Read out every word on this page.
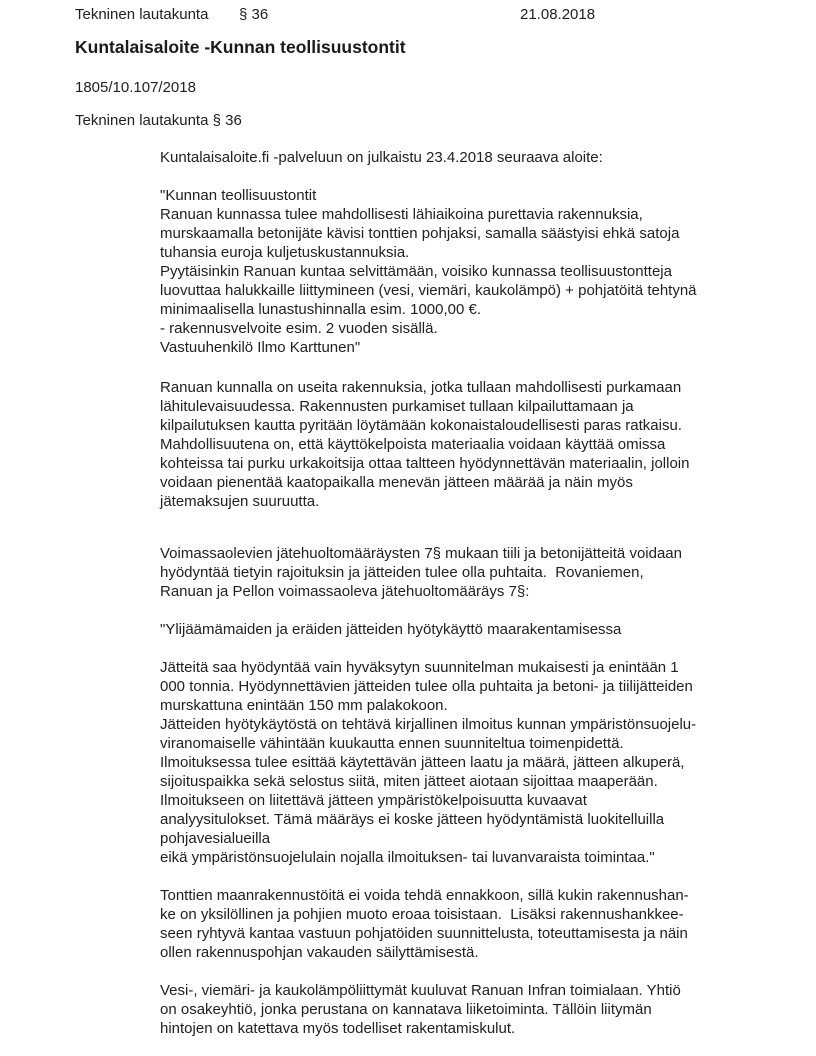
Tekninen lautakunta § 36	21.08.2018
Kuntalaisaloite -Kunnan teollisuustontit
1805/10.107/2018
Tekninen lautakunta § 36
Kuntalaisaloite.fi -palveluun on julkaistu 23.4.2018 seuraava aloite:
"Kunnan teollisuustontit
Ranuan kunnassa tulee mahdollisesti lähiaikoina purettavia rakennuksia,
murskaamalla betonijäte kävisi tonttien pohjaksi, samalla säästyisi ehkä satoja
tuhansia euroja kuljetuskustannuksia.
Pyytäisinkin Ranuan kuntaa selvittämään, voisiko kunnassa teollisuustontteja
luovuttaa halukkaille liittymineen (vesi, viemäri, kaukolämpö) + pohjatöitä tehtynä
minimaalisella lunastushinnalla esim. 1000,00 €.
- rakennusvelvoite esim. 2 vuoden sisällä.
Vastuuhenkilö Ilmo Karttunen"
Ranuan kunnalla on useita rakennuksia, jotka tullaan mahdollisesti purkamaan
lähitulevaisuudessa. Rakennusten purkamiset tullaan kilpailuttamaan ja
kilpailutuksen kautta pyritään löytämään kokonaistaloudellisesti paras ratkaisu.
Mahdollisuutena on, että käyttökelpoista materiaalia voidaan käyttää omissa
kohteissa tai purku urkakoitsija ottaa taltteen hyödynnettävän materiaalin, jolloin
voidaan pienentää kaatopaikalla menevän jätteen määrää ja näin myös
jätemaksujen suuruutta.
Voimassaolevien jätehuoltomääräysten 7§ mukaan tiili ja betonijätteitä voidaan
hyödyntää tietyin rajoituksin ja jätteiden tulee olla puhtaita.  Rovaniemen,
Ranuan ja Pellon voimassaoleva jätehuoltomääräys 7§:
"Ylijäämämaiden ja eräiden jätteiden hyötykäyttö maarakentamisessa
Jätteitä saa hyödyntää vain hyväksytyn suunnitelman mukaisesti ja enintään 1
000 tonnia. Hyödynnettävien jätteiden tulee olla puhtaita ja betoni- ja tiilijätteiden
murskattuna enintään 150 mm palakokoon.
Jätteiden hyötykäytöstä on tehtävä kirjallinen ilmoitus kunnan ympäristönsuojelu-
viranomaiselle vähintään kuukautta ennen suunniteltua toimenpidettä.
Ilmoituksessa tulee esittää käytettävän jätteen laatu ja määrä, jätteen alkuperä,
sijoituspaikka sekä selostus siitä, miten jätteet aiotaan sijoittaa maaperään.
Ilmoitukseen on liitettävä jätteen ympäristökelpoisuutta kuvaavat
analyysitulokset. Tämä määräys ei koske jätteen hyödyntämistä luokitelluilla
pohjavesialueilla
eikä ympäristönsuojelulain nojalla ilmoituksen- tai luvanvaraista toimintaa."
Tonttien maanrakennustöitä ei voida tehdä ennakkoon, sillä kukin rakennushan-
ke on yksilöllinen ja pohjien muoto eroaa toisistaan.  Lisäksi rakennushankkee-
seen ryhtyvä kantaa vastuun pohjatöiden suunnittelusta, toteuttamisesta ja näin
ollen rakennuspohjan vakauden säilyttämisestä.
Vesi-, viemäri- ja kaukolämpöliittymät kuuluvat Ranuan Infran toimialaan. Yhtiö
on osakeyhtiö, jonka perustana on kannatava liiketoiminta. Tällöin liitymän
hintojen on katettava myös todelliset rakentamiskulut.
